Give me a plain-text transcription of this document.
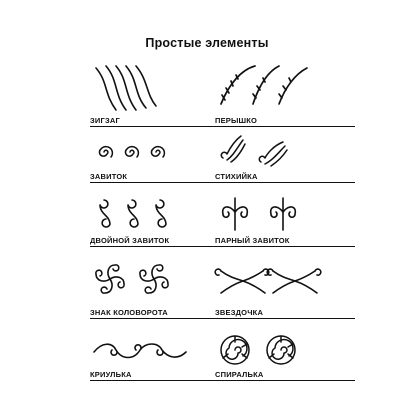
Простые элементы
ЗИГЗАГ	ПЕРЫШКО
ЗАВИТОК	СТИХИЙКА
ДВОЙНОЙ ЗАВИТОК	ПАРНЫЙ ЗАВИТОК
ЗНАК КОЛОВОРОТА	ЗВЕЗДОЧКА
КРИУЛЬКА	СПИРАЛЬКА
